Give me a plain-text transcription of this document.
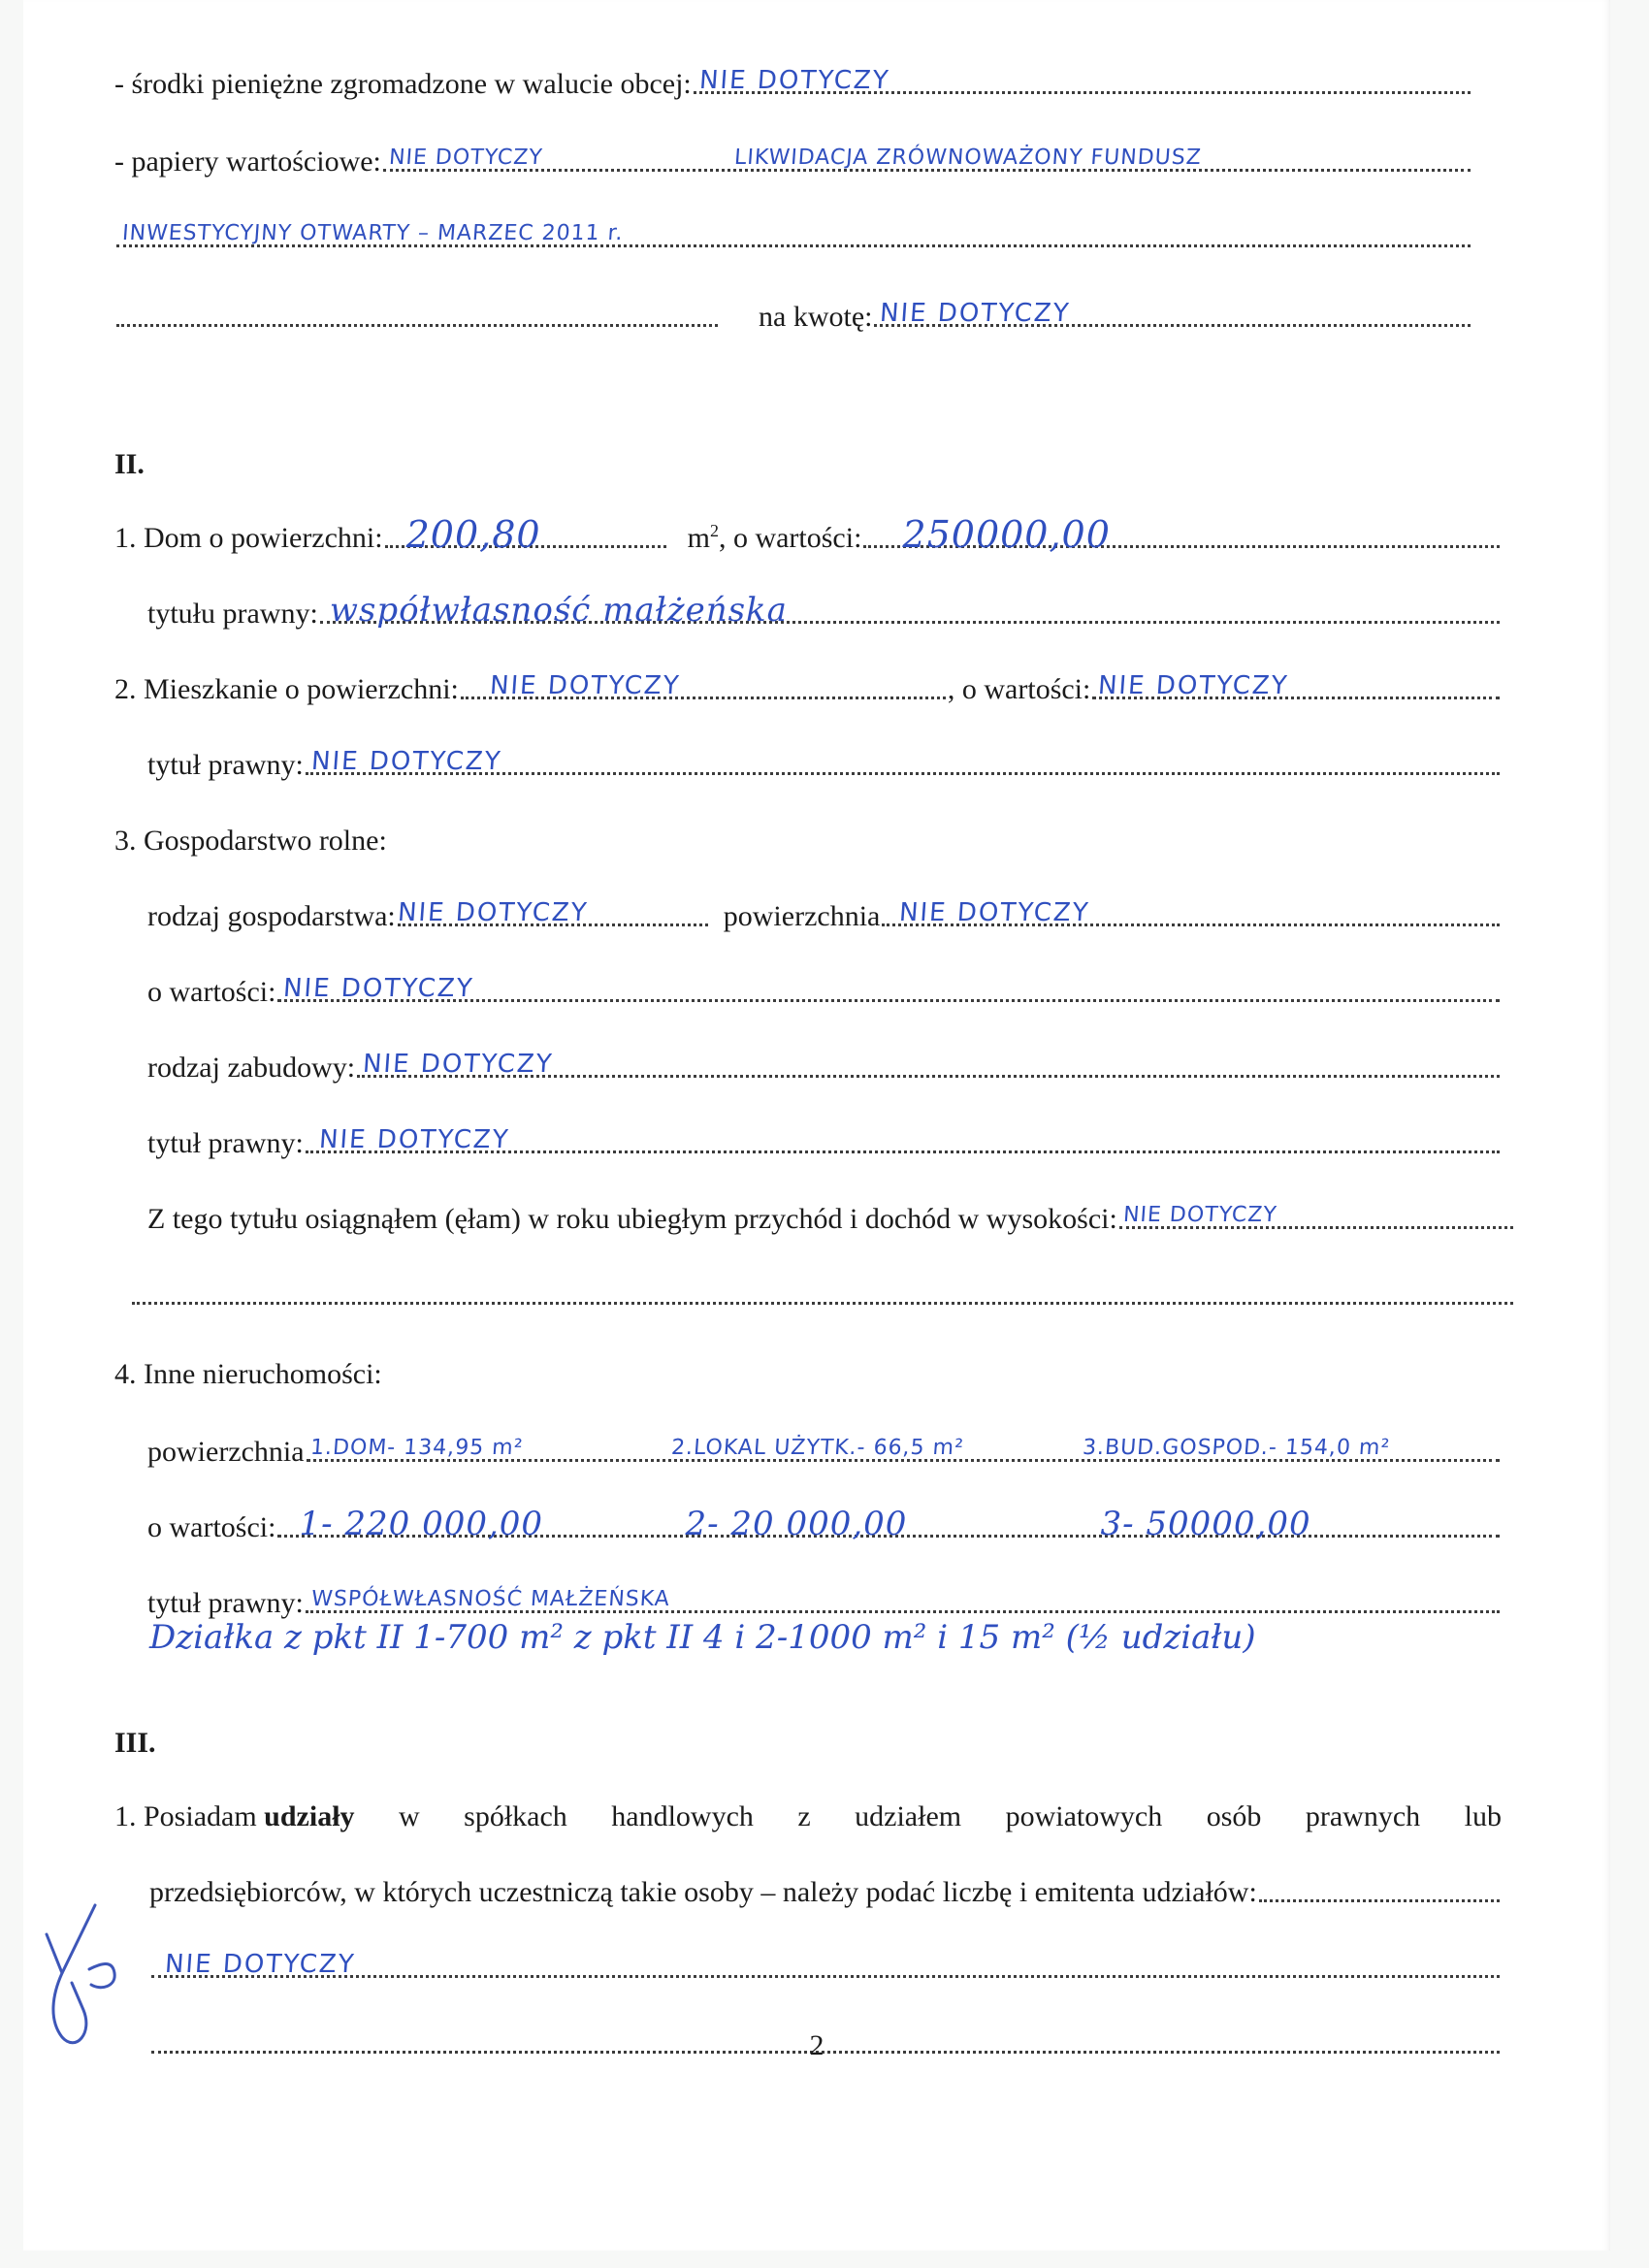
- środki pieniężne zgromadzone w walucie obcej: NIE DOTYCZY
- papiery wartościowe: NIE DOTYCZY	LIKWIDACJA ZRÓWNOWAŻONY FUNDUSZ
INWESTYCYJNY OTWARTY – MARZEC 2011 r.
na kwotę: NIE DOTYCZY
II.
1. Dom o powierzchni: 200,80	$m^2$ , o wartości: 250000,00
tytułu prawny: współwłasność małżeńska
2. Mieszkanie o powierzchni: NIE DOTYCZY	, o wartości: NIE DOTYCZY
tytuł prawny: NIE DOTYCZY
3. Gospodarstwo rolne:
rodzaj gospodarstwa: NIE DOTYCZY	powierzchnia NIE DOTYCZY
o wartości: NIE DOTYCZY
rodzaj zabudowy: NIE DOTYCZY
tytuł prawny: NIE DOTYCZY
Z tego tytułu osiągnąłem (ęłam) w roku ubiegłym przychód i dochód w wysokości: NIE DOTYCZY
4. Inne nieruchomości:
powierzchnia 1.DOM- 134,95 m²	2.LOKAL UŻYTK.- 66,5 m²	3.BUD.GOSPOD.- 154,0 m²
o wartości: 1- 220 000,00	2- 20 000,00	3- 50000,00
tytuł prawny: WSPÓŁWŁASNOŚĆ MAŁŻEŃSKA
Działka z pkt II 1-700 m² z pkt II 4 i 2-1000 m² i 15 m² (½ udziału)
III.
1. Posiadam udziały w spółkach handlowych z udziałem powiatowych osób prawnych lub
przedsiębiorców, w których uczestniczą takie osoby – należy podać liczbę i emitenta udziałów:
NIE DOTYCZY
2
